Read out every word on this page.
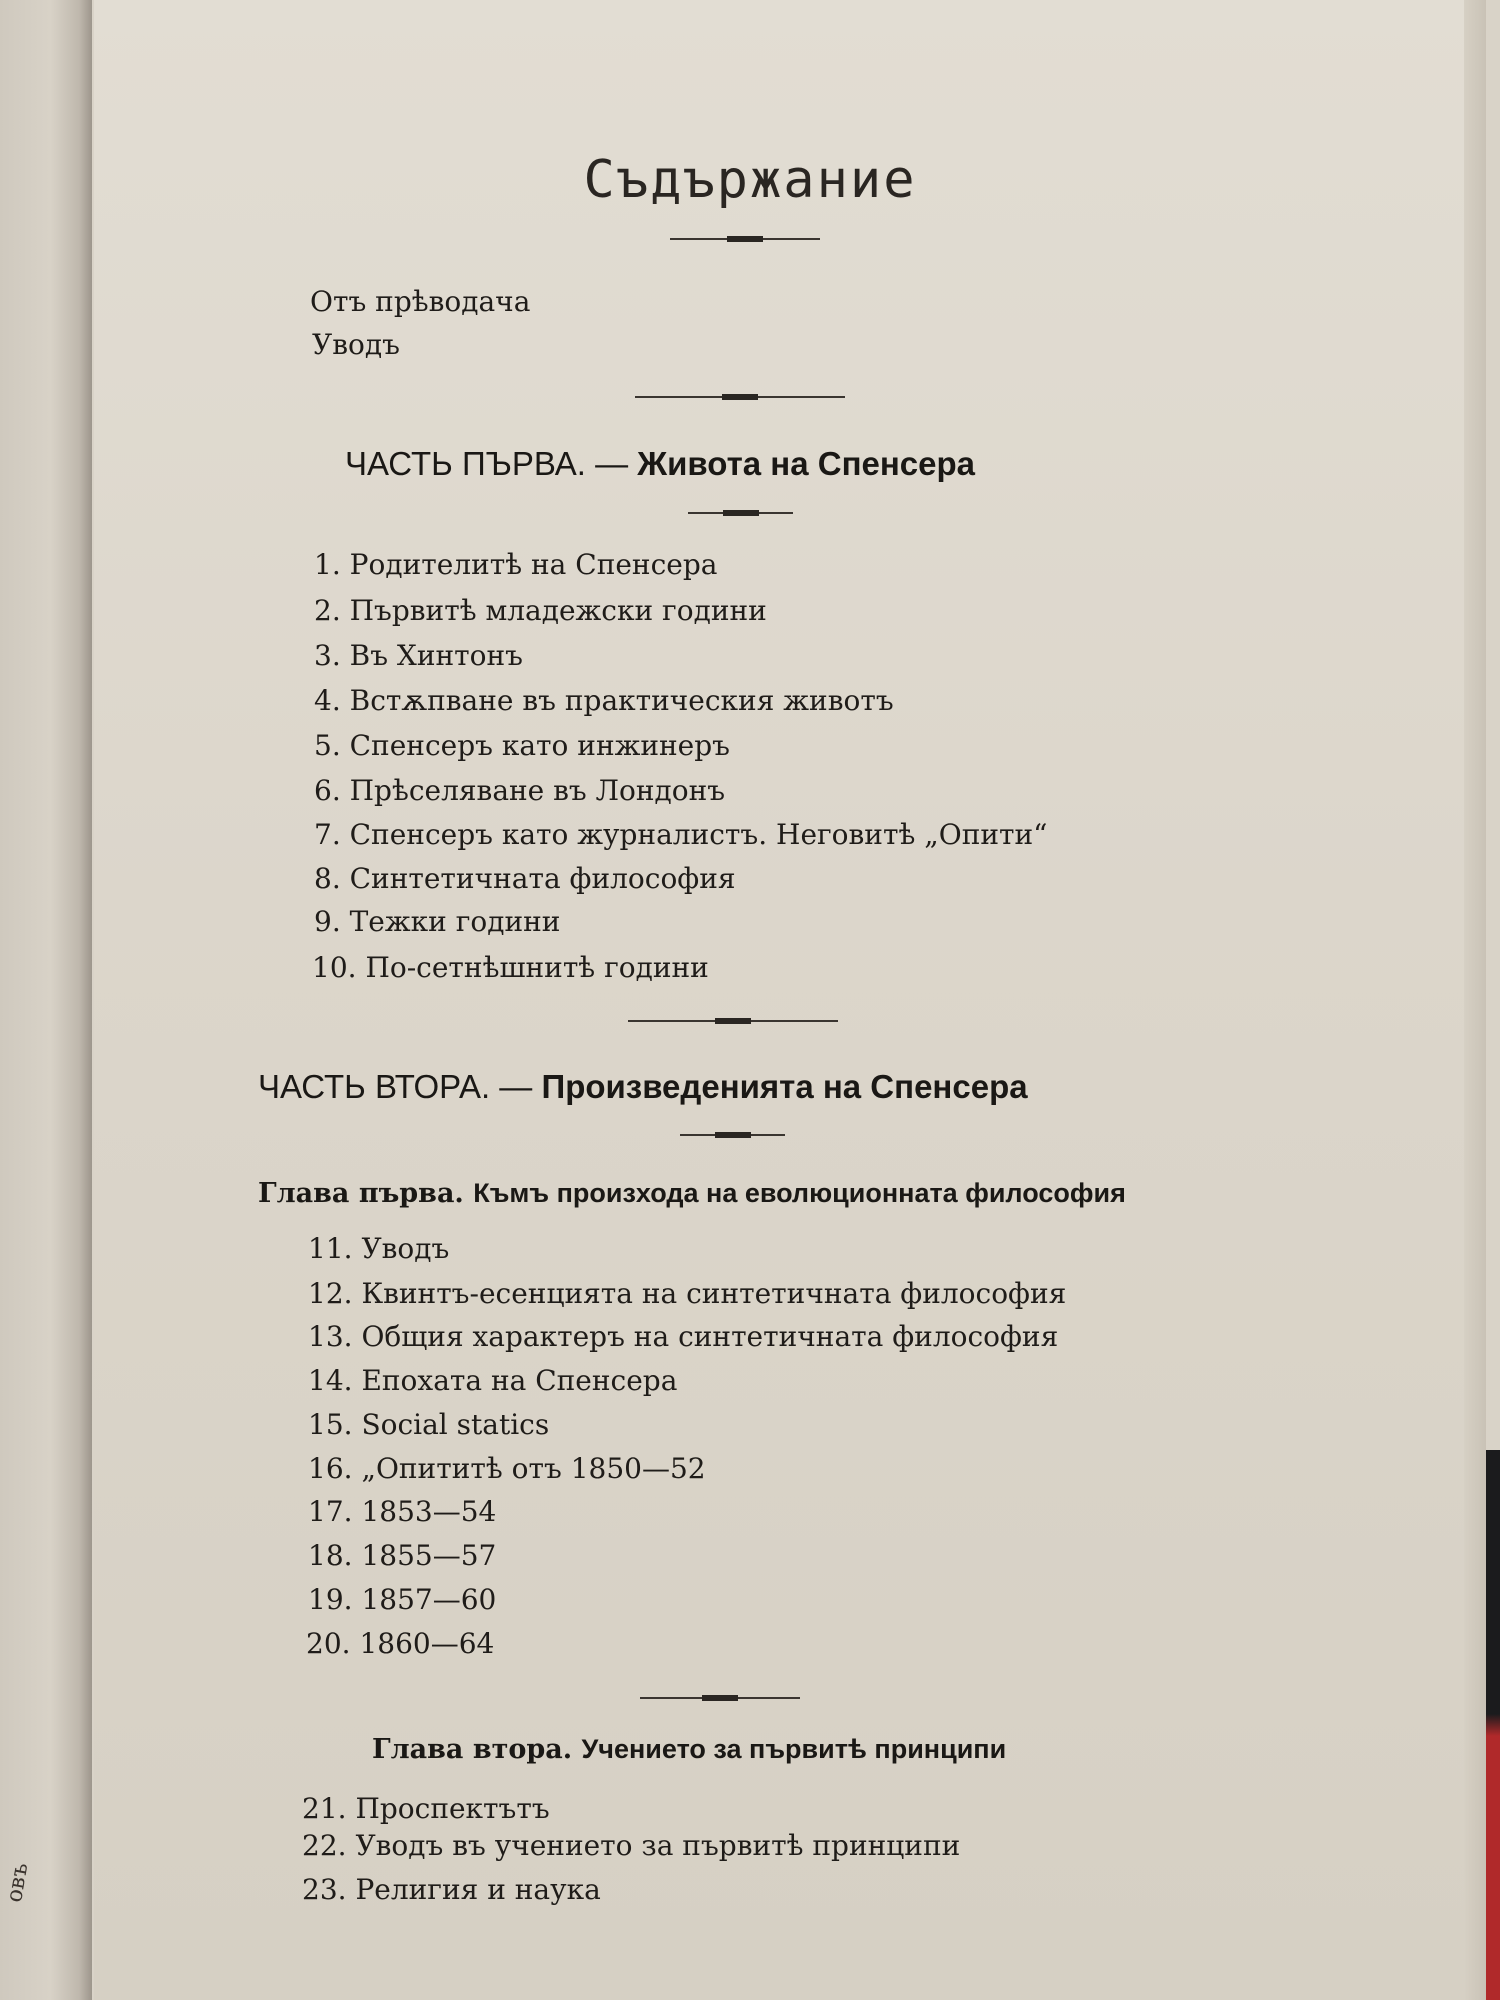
овъ
Съдържание
Отъ прѣводача
Уводъ
ЧАСТЬ ПЪРВА. — Живота на Спенсера
1. Родителитѣ на Спенсера
2. Първитѣ младежски години
3. Въ Хинтонъ
4. Встѫпване въ практическия животъ
5. Спенсеръ като инжинеръ
6. Прѣселяване въ Лондонъ
7. Спенсеръ като журналистъ. Неговитѣ „Опити“
8. Синтетичната философия
9. Тежки години
10. По-сетнѣшнитѣ години
ЧАСТЬ ВТОРА. — Произведенията на Спенсера
Глава първа. Къмъ произхода на еволюционната философия
11. Уводъ
12. Квинтъ-есенцията на синтетичната философия
13. Общия характеръ на синтетичната философия
14. Епохата на Спенсера
15. Social statics
16. „Опититѣ отъ 1850—52
17. 1853—54
18. 1855—57
19. 1857—60
20. 1860—64
Глава втора. Учението за първитѣ принципи
21. Проспектътъ
22. Уводъ въ учението за първитѣ принципи
23. Религия и наука
